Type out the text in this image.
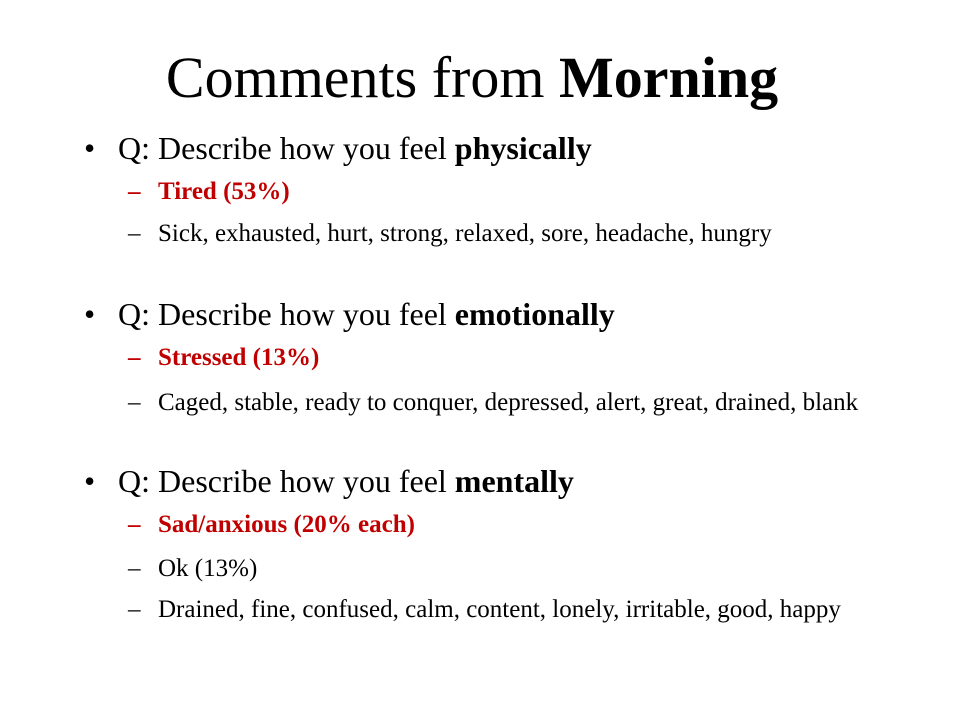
Comments from Morning
• Q: Describe how you feel physically
– Tired (53%)
– Sick, exhausted, hurt, strong, relaxed, sore, headache, hungry
• Q: Describe how you feel emotionally
– Stressed (13%)
– Caged, stable, ready to conquer, depressed, alert, great, drained, blank
• Q: Describe how you feel mentally
– Sad/anxious (20% each)
– Ok (13%)
– Drained, fine, confused, calm, content, lonely, irritable, good, happy
